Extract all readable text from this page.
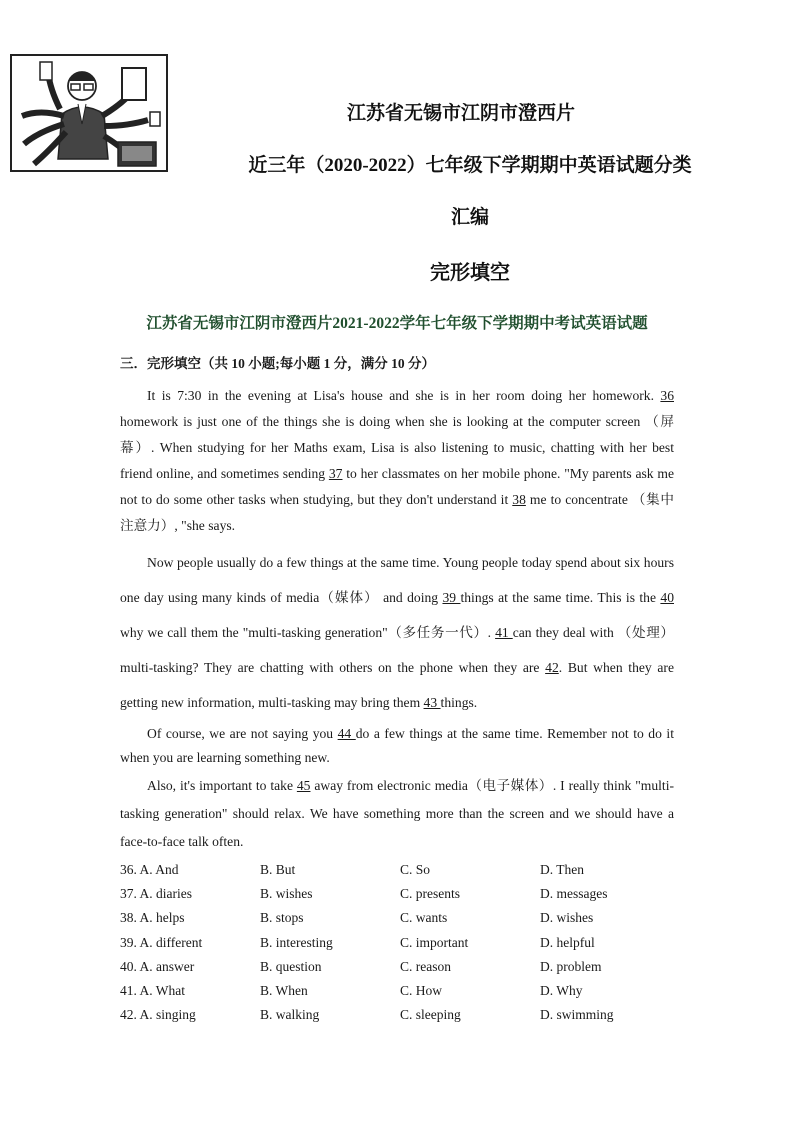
江苏省无锡市江阴市澄西片
近三年（2020-2022）七年级下学期期中英语试题分类
汇编
完形填空
江苏省无锡市江阴市澄西片2021-2022学年七年级下学期期中考试英语试题
三．完形填空（共 10 小题;每小题 1 分，满分 10 分）

It is 7:30 in the evening at Lisa's house and she is in her room doing her homework. 36 homework is just one of the things she is doing when she is looking at the computer screen （屏幕）. When studying for her Maths exam, Lisa is also listening to music, chatting with her best friend online, and sometimes sending 37 to her classmates on her mobile phone. "My parents ask me not to do some other tasks when studying, but they don't understand it 38 me to concentrate （集中注意力）, "she says.

Now people usually do a few things at the same time. Young people today spend about six hours one day using many kinds of media（媒体） and doing 39 things at the same time. This is the 40 why we call them the "multi-tasking generation"（多任务一代）. 41 can they deal with （处理）multi-tasking? They are chatting with others on the phone when they are 42. But when they are getting new information, multi-tasking may bring them 43 things.

Of course, we are not saying you 44 do a few things at the same time. Remember not to do it when you are learning something new.

Also, it's important to take 45 away from electronic media（电子媒体）. I really think "multi-tasking generation" should relax. We have something more than the screen and we should have a face-to-face talk often.

36. A. And	B. But	C. So	D. Then
37. A. diaries	B. wishes	C. presents	D. messages
38. A. helps	B. stops	C. wants	D. wishes
39. A. different	B. interesting	C. important	D. helpful
40. A. answer	B. question	C. reason	D. problem
41. A. What	B. When	C. How	D. Why
42. A. singing	B. walking	C. sleeping	D. swimming
